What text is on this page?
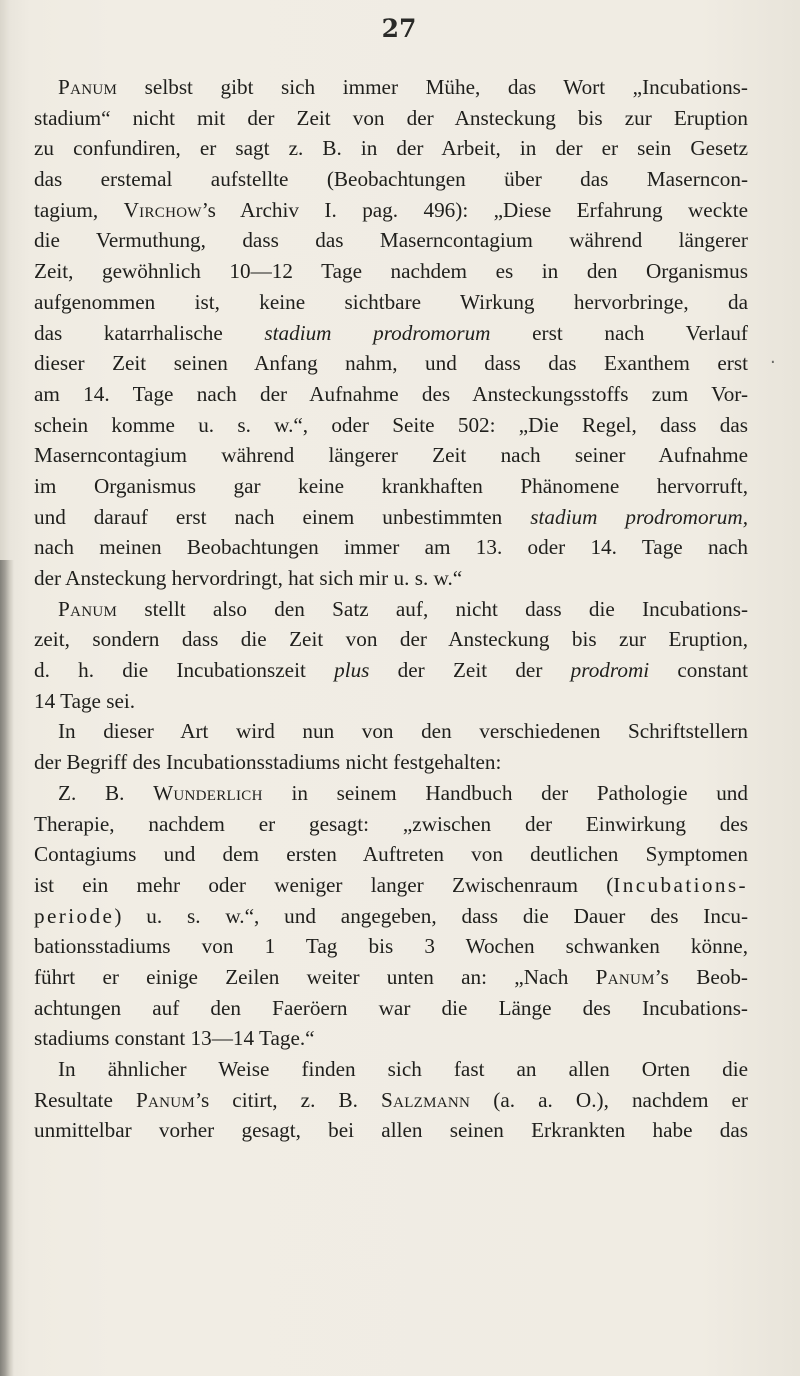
27
·
Panum selbst gibt sich immer Mühe, das Wort „Incubations-
stadium“ nicht mit der Zeit von der Ansteckung bis zur Eruption
zu confundiren, er sagt z. B. in der Arbeit, in der er sein Gesetz
das erstemal aufstellte (Beobachtungen über das Masernсon-
tagium, Virchow’s Archiv I. pag. 496): „Diese Erfahrung weckte
die Vermuthung, dass das Maserncontagium während längerer
Zeit, gewöhnlich 10—12 Tage nachdem es in den Organismus
aufgenommen ist, keine sichtbare Wirkung hervorbringe, da
das katarrhalische stadium prodromorum erst nach Verlauf
dieser Zeit seinen Anfang nahm, und dass das Exanthem erst
am 14. Tage nach der Aufnahme des Ansteckungsstoffs zum Vor-
schein komme u. s. w.“, oder Seite 502: „Die Regel, dass das
Maserncontagium während längerer Zeit nach seiner Aufnahme
im Organismus gar keine krankhaften Phänomene hervorruft,
und darauf erst nach einem unbestimmten stadium prodromorum,
nach meinen Beobachtungen immer am 13. oder 14. Tage nach
der Ansteckung hervordringt, hat sich mir u. s. w.“
Panum stellt also den Satz auf, nicht dass die Incubations-
zeit, sondern dass die Zeit von der Ansteckung bis zur Eruption,
d. h. die Incubationszeit plus der Zeit der prodromi constant
14 Tage sei.
In dieser Art wird nun von den verschiedenen Schriftstellern
der Begriff des Incubationsstadiums nicht festgehalten:
Z. B. Wunderlich in seinem Handbuch der Pathologie und
Therapie, nachdem er gesagt: „zwischen der Einwirkung des
Contagiums und dem ersten Auftreten von deutlichen Symptomen
ist ein mehr oder weniger langer Zwischenraum (Incubations-
periode) u. s. w.“, und angegeben, dass die Dauer des Incu-
bationsstadiums von 1 Tag bis 3 Wochen schwanken könne,
führt er einige Zeilen weiter unten an: „Nach Panum’s Beob-
achtungen auf den Faeröern war die Länge des Incubations-
stadiums constant 13—14 Tage.“
In ähnlicher Weise finden sich fast an allen Orten die
Resultate Panum’s citirt, z. B. Salzmann (a. a. O.), nachdem er
unmittelbar vorher gesagt, bei allen seinen Erkrankten habe das
